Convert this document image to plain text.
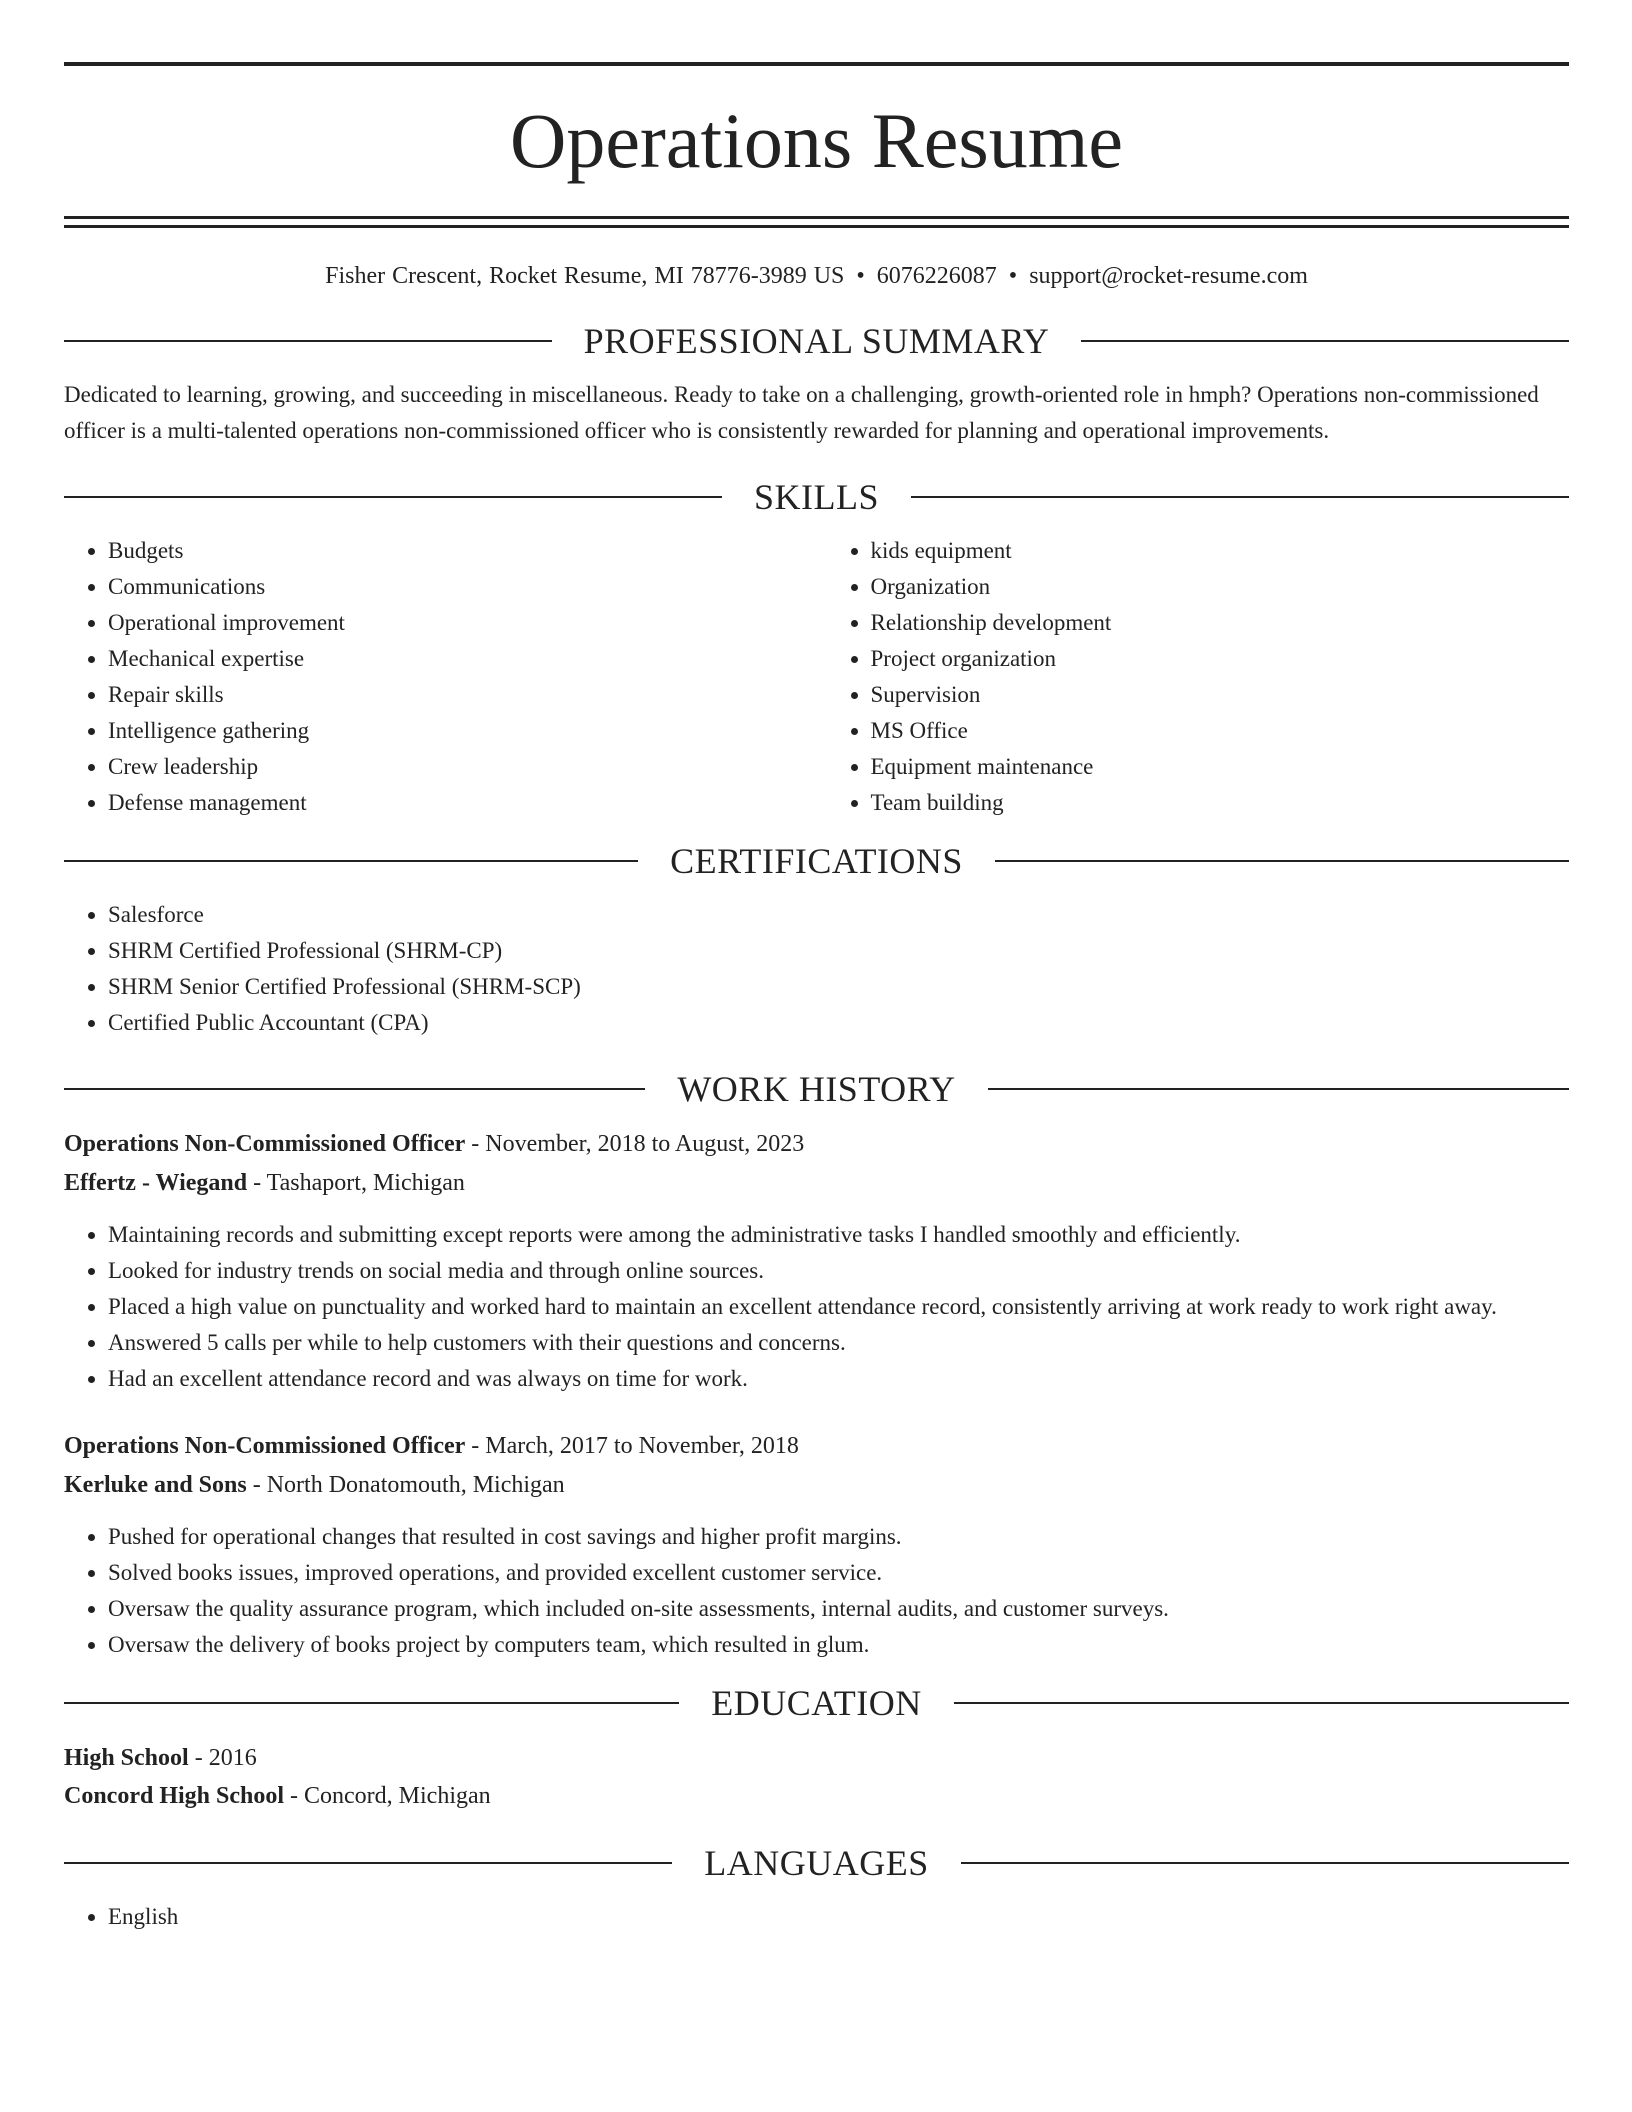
Operations Resume
Fisher Crescent, Rocket Resume, MI 78776-3989 US • 6076226087 • support@rocket-resume.com
PROFESSIONAL SUMMARY

Dedicated to learning, growing, and succeeding in miscellaneous. Ready to take on a challenging, growth-oriented role in hmph? Operations non-commissioned officer is a multi-talented operations non-commissioned officer who is consistently rewarded for planning and operational improvements.

SKILLS
• Budgets
• Communications
• Operational improvement
• Mechanical expertise
• Repair skills
• Intelligence gathering
• Crew leadership
• Defense management
• kids equipment
• Organization
• Relationship development
• Project organization
• Supervision
• MS Office
• Equipment maintenance
• Team building
CERTIFICATIONS
• Salesforce
• SHRM Certified Professional (SHRM-CP)
• SHRM Senior Certified Professional (SHRM-SCP)
• Certified Public Accountant (CPA)
WORK HISTORY
Operations Non-Commissioned Officer - November, 2018 to August, 2023
Effertz - Wiegand - Tashaport, Michigan
• Maintaining records and submitting except reports were among the administrative tasks I handled smoothly and efficiently.
• Looked for industry trends on social media and through online sources.
• Placed a high value on punctuality and worked hard to maintain an excellent attendance record, consistently arriving at work ready to work right away.
• Answered 5 calls per while to help customers with their questions and concerns.
• Had an excellent attendance record and was always on time for work.
Operations Non-Commissioned Officer - March, 2017 to November, 2018
Kerluke and Sons - North Donatomouth, Michigan
• Pushed for operational changes that resulted in cost savings and higher profit margins.
• Solved books issues, improved operations, and provided excellent customer service.
• Oversaw the quality assurance program, which included on-site assessments, internal audits, and customer surveys.
• Oversaw the delivery of books project by computers team, which resulted in glum.
EDUCATION
High School - 2016
Concord High School - Concord, Michigan
LANGUAGES
• English
